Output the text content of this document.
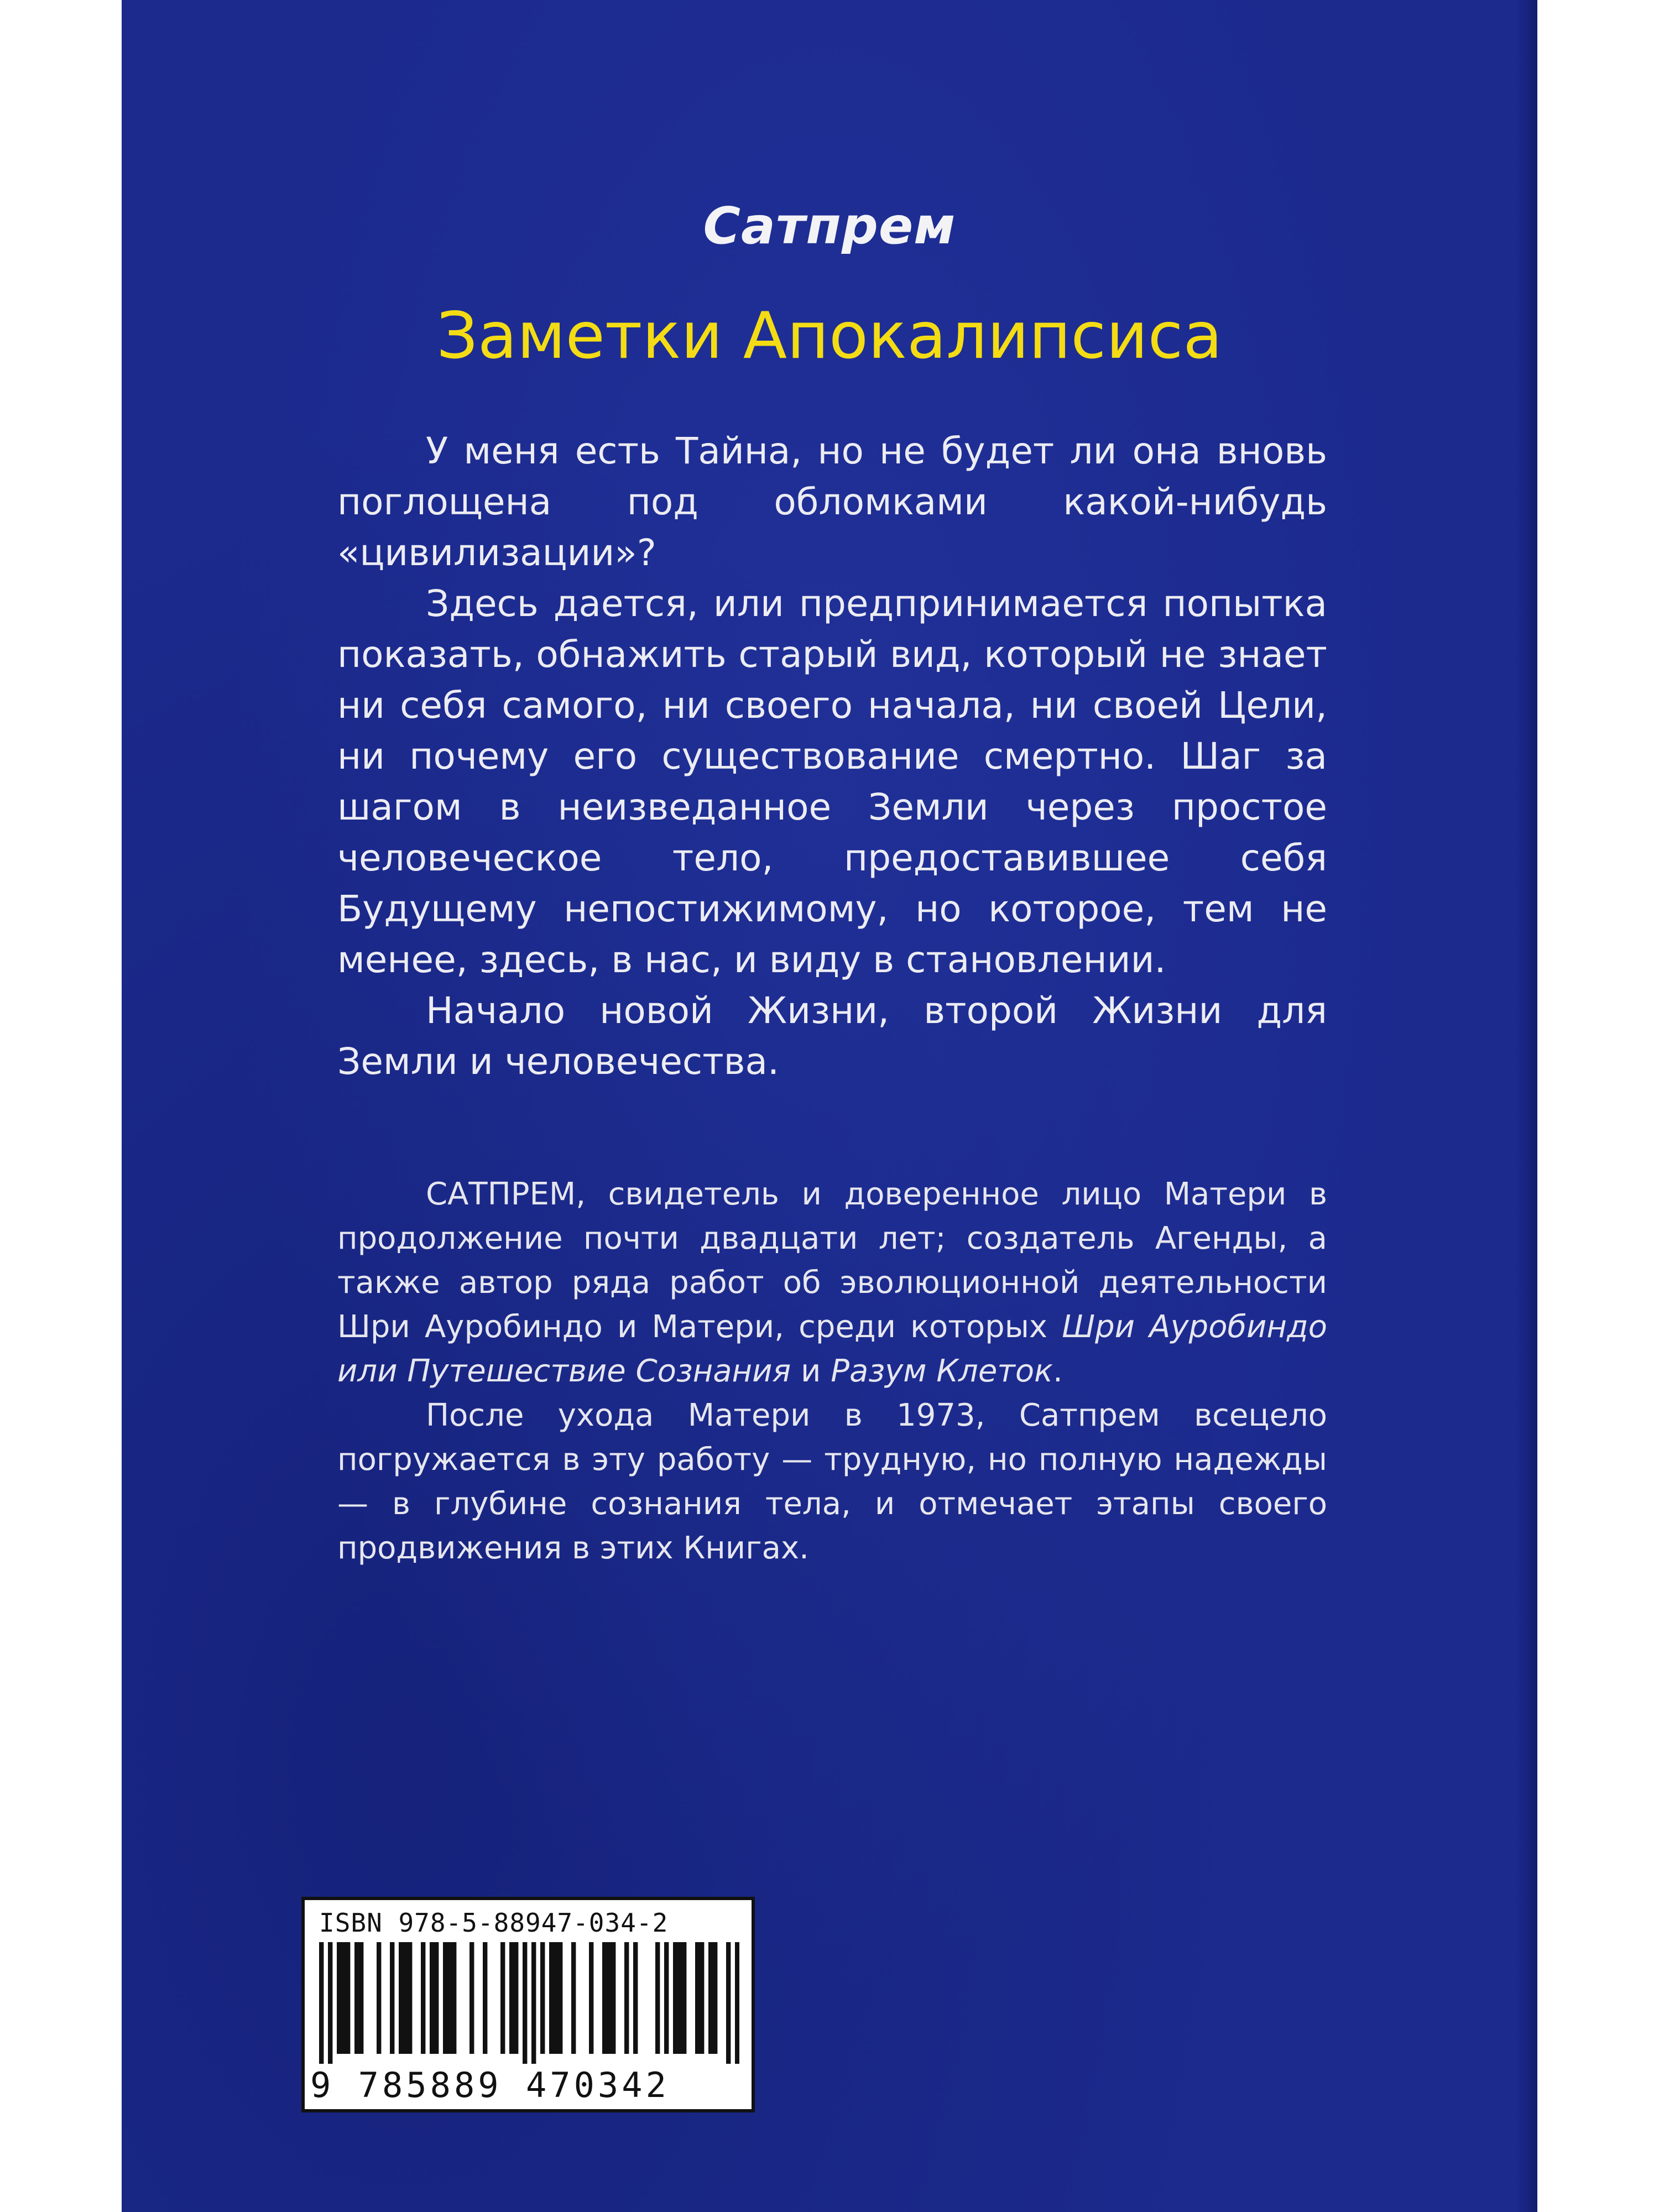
Сатпрем
Заметки Апокалипсиса

У меня есть Тайна, но не будет ли она вновь поглощена под обломками какой-нибудь «цивилизации»?

Здесь дается, или предпринимается попытка показать, обнажить старый вид, который не знает ни себя самого, ни своего начала, ни своей Цели, ни почему его существование смертно. Шаг за шагом в неизведанное Земли через простое человеческое тело, предоставившее себя Будущему непостижимому, но которое, тем не менее, здесь, в нас, и виду в становлении.

Начало новой Жизни, второй Жизни для Земли и человечества.

САТПРЕМ, свидетель и доверенное лицо Матери в продолжение почти двадцати лет; создатель Агенды, а также автор ряда работ об эволюционной деятельности Шри Ауробиндо и Матери, среди которых Шри Ауробиндо или Путешествие Сознания и Разум Клеток.

После ухода Матери в 1973, Сатпрем всецело погружается в эту работу — трудную, но полную надежды — в глубине сознания тела, и отмечает этапы своего продвижения в этих Книгах.

ISBN 978-5-88947-034-2
9 785889 470342
